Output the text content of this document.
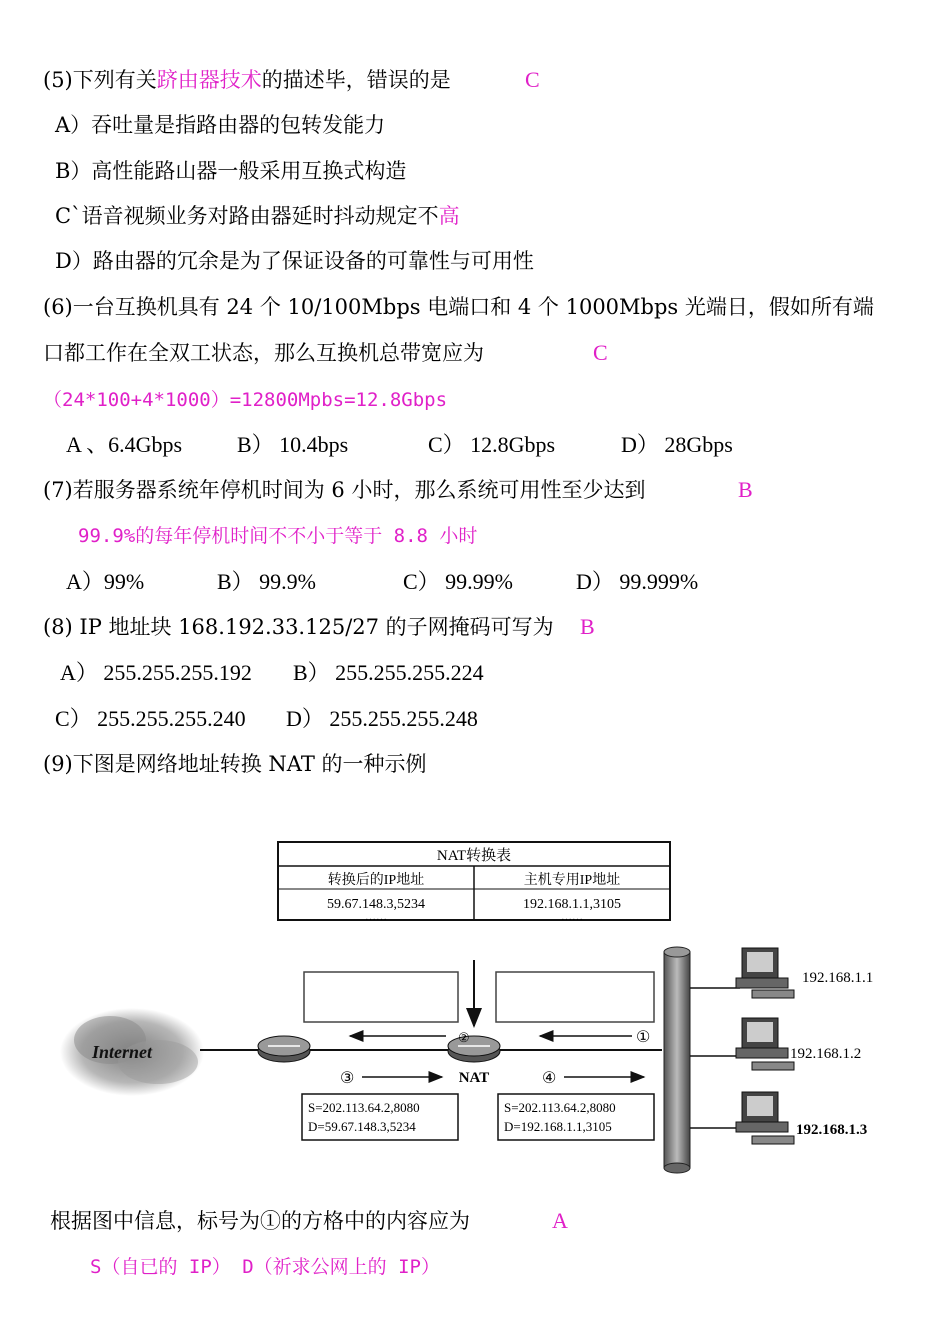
(5)下列有关跻由器技术的描述毕，错误的是	C
A）吞吐量是指路由器的包转发能力
B）高性能路山器一般采用互换式构造
C`语音视频业务对路由器延时抖动规定不高
D）路由器的冗余是为了保证设备的可靠性与可用性
(6)一台互换机具有 24 个 10/100Mbps 电端口和 4 个 1000Mbps 光端日，假如所有端
口都工作在全双工状态，那么互换机总带宽应为	C
（24*100+4*1000）=12800Mpbs=12.8Gbps
A 、6.4Gbps B） 10.4bps	C） 12.8Gbps	D） 28Gbps
(7)若服务器系统年停机时间为 6 小时，那么系统可用性至少达到	B
99.9%的每年停机时间不不小于等于 8.8 小时
A）99%	B） 99.9%	C） 99.99%	D） 99.999%
(8) IP 地址块 168.192.33.125/27 的子网掩码可写为 B
A） 255.255.255.192 B） 255.255.255.224
C） 255.255.255.240 D） 255.255.255.248
(9)下图是网络地址转换 NAT 的一种示例
NAT转换表
转换后的IP地址	主机专用IP地址
59.67.148.3,5234	192.168.1.1,3105
……	……
Internet
②
NAT
①
③	④
S=202.113.64.2,8080
D=59.67.148.3,5234
S=202.113.64.2,8080
D=192.168.1.1,3105
192.168.1.1
192.168.1.2
192.168.1.3
根据图中信息，标号为①的方格中的内容应为	A
S（自已的 IP） D（祈求公网上的 IP）
